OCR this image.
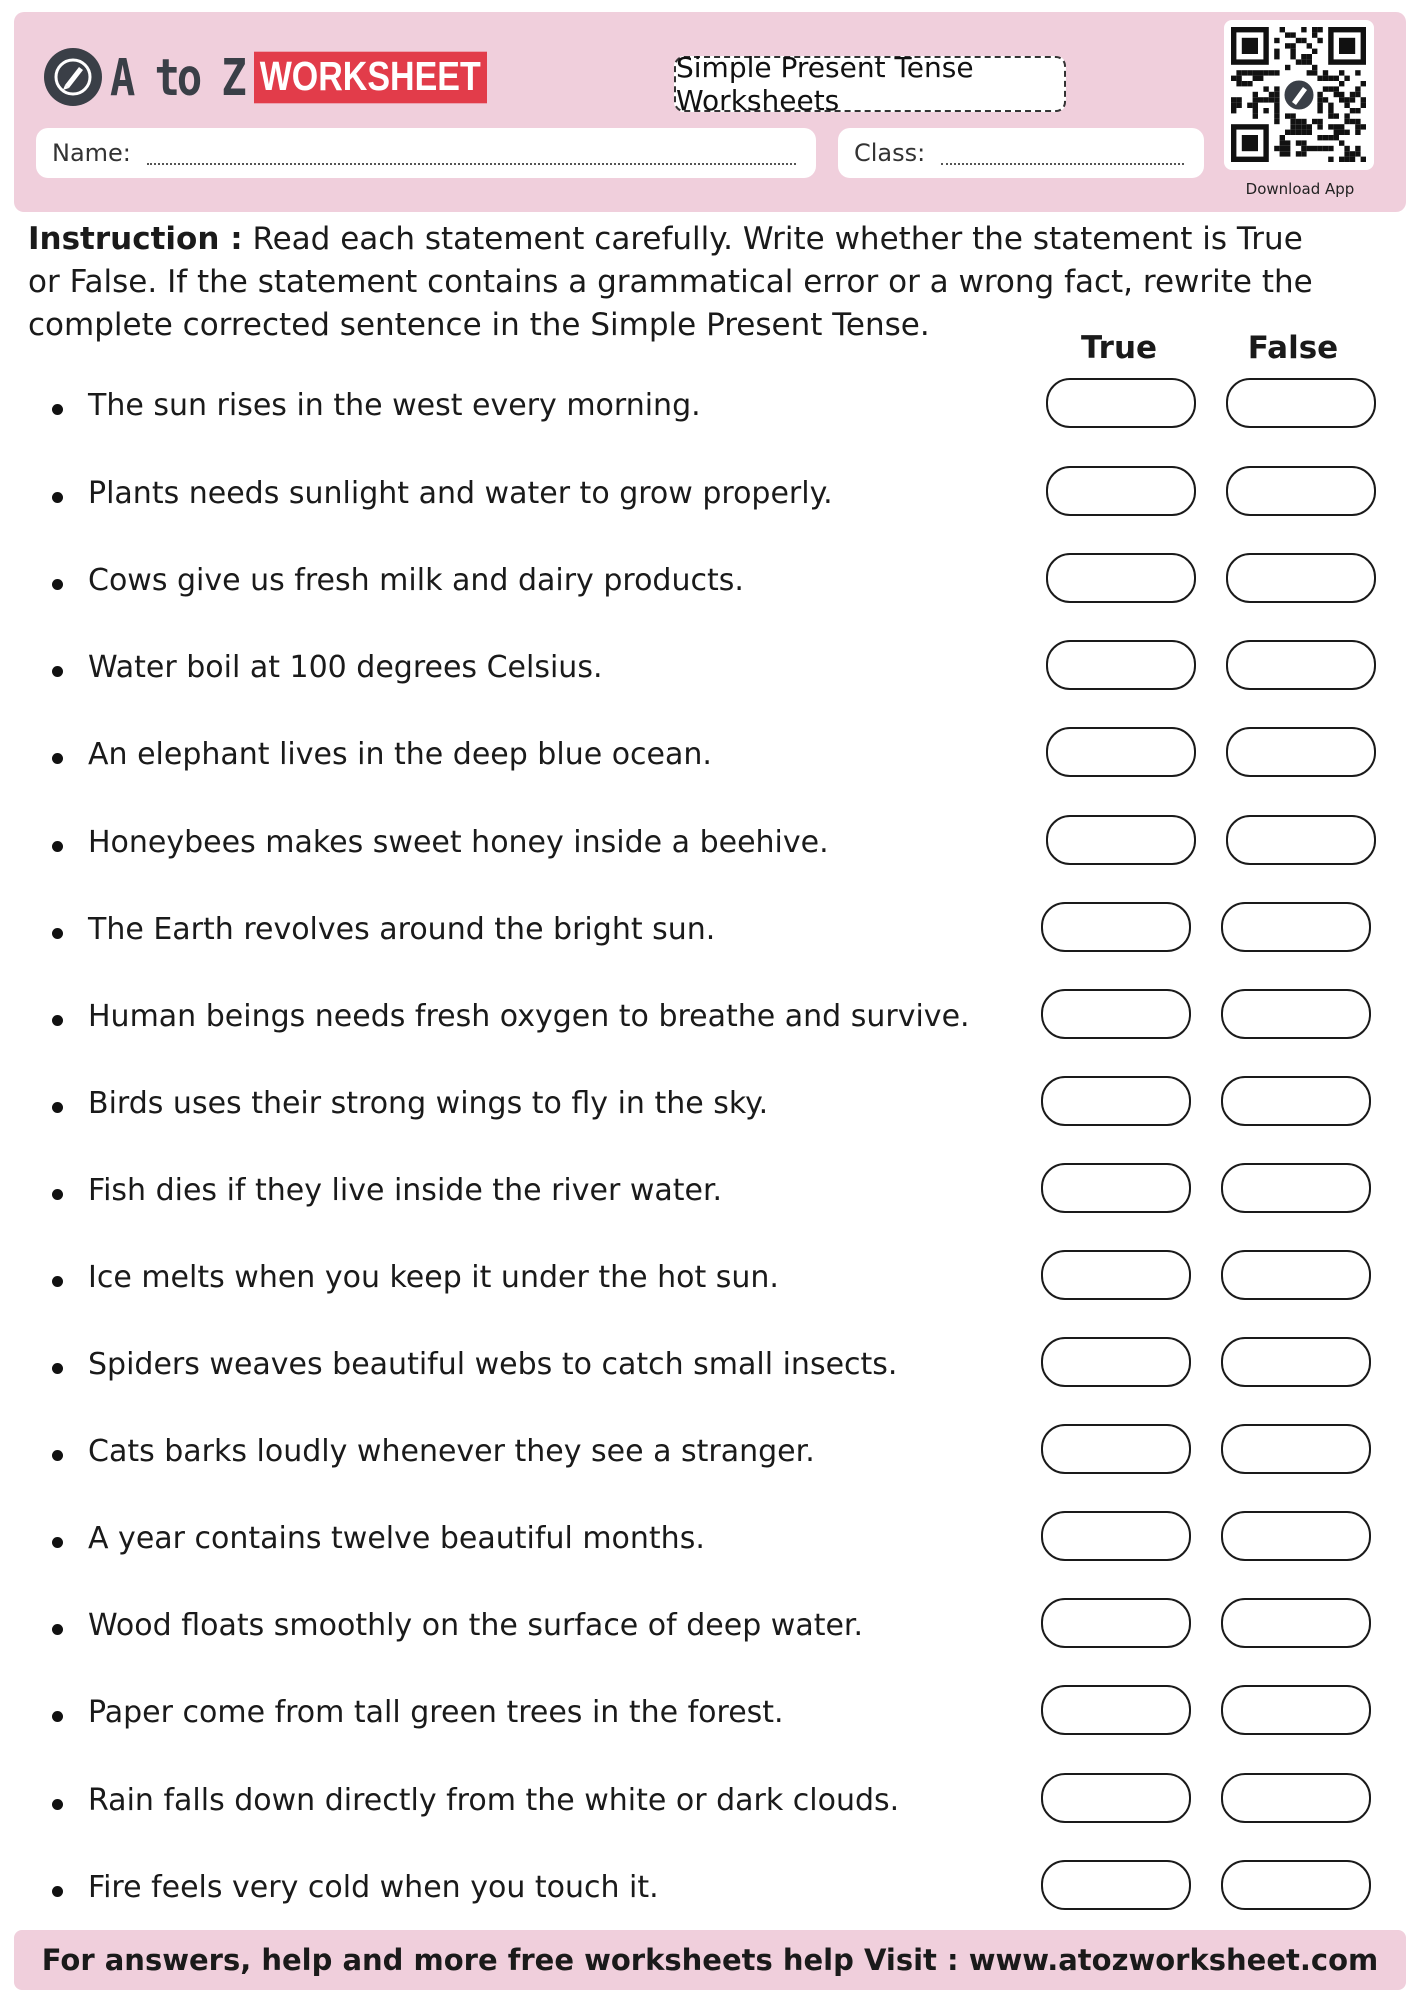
A to Z WORKSHEET	Simple Present Tense Worksheets
Name:	Class:
Download App
Instruction : Read each statement carefully. Write whether the statement is True or False. If the statement contains a grammatical error or a wrong fact, rewrite the complete corrected sentence in the Simple Present Tense.
True	False
The sun rises in the west every morning.
Plants needs sunlight and water to grow properly.
Cows give us fresh milk and dairy products.
Water boil at 100 degrees Celsius.
An elephant lives in the deep blue ocean.
Honeybees makes sweet honey inside a beehive.
The Earth revolves around the bright sun.
Human beings needs fresh oxygen to breathe and survive.
Birds uses their strong wings to fly in the sky.
Fish dies if they live inside the river water.
Ice melts when you keep it under the hot sun.
Spiders weaves beautiful webs to catch small insects.
Cats barks loudly whenever they see a stranger.
A year contains twelve beautiful months.
Wood floats smoothly on the surface of deep water.
Paper come from tall green trees in the forest.
Rain falls down directly from the white or dark clouds.
Fire feels very cold when you touch it.
For answers, help and more free worksheets help Visit : www.atozworksheet.com
